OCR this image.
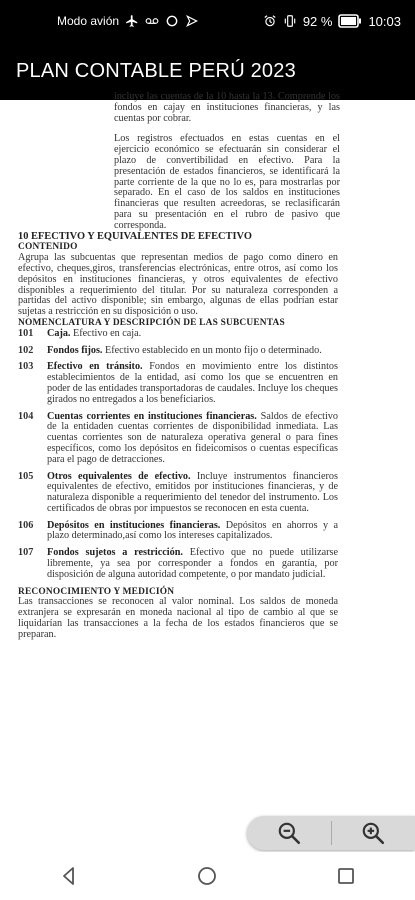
Modo avión	92 %	10:03
PLAN CONTABLE PERÚ 2023

incluye las cuentas de la 10 hasta la 13. Comprende los fondos en cajay en instituciones financieras, y las cuentas por cobrar.

Los registros efectuados en estas cuentas en el ejercicio económico se efectuarán sin considerar el plazo de convertibilidad en efectivo. Para la presentación de estados financieros, se identificará la parte corriente de la que no lo es, para mostrarlas por separado. En el caso de los saldos en instituciones financieras que resulten acreedoras, se reclasificarán para su presentación en el rubro de pasivo que corresponda.

10 EFECTIVO Y EQUIVALENTES DE EFECTIVO

CONTENIDO

Agrupa las subcuentas que representan medios de pago como dinero en efectivo, cheques,giros, transferencias electrónicas, entre otros, así como los depósitos en instituciones financieras, y otros equivalentes de efectivo disponibles a requerimiento del titular. Por su naturaleza corresponden a partidas del activo disponible; sin embargo, algunas de ellas podrían estar sujetas a restricción en su disposición o uso.

NOMENCLATURA Y DESCRIPCIÓN DE LAS SUBCUENTAS

101	Caja. Efectivo en caja.
102	Fondos fijos. Efectivo establecido en un monto fijo o determinado.
103	Efectivo en tránsito. Fondos en movimiento entre los distintos establecimientos de la entidad, así como los que se encuentren en poder de las entidades transportadoras de caudales. Incluye los cheques girados no entregados a los beneficiarios.
104	Cuentas corrientes en instituciones financieras. Saldos de efectivo de la entidaden cuentas corrientes de disponibilidad inmediata. Las cuentas corrientes son de naturaleza operativa general o para fines específicos, como los depósitos en fideicomisos o cuentas específicas para el pago de detracciones.
105	Otros equivalentes de efectivo. Incluye instrumentos financieros equivalentes de efectivo, emitidos por instituciones financieras, y de naturaleza disponible a requerimiento del tenedor del instrumento. Los certificados de obras por impuestos se reconocen en esta cuenta.
106	Depósitos en instituciones financieras. Depósitos en ahorros y a plazo determinado,así como los intereses capitalizados.
107	Fondos sujetos a restricción. Efectivo que no puede utilizarse libremente, ya sea por corresponder a fondos en garantía, por disposición de alguna autoridad competente, o por mandato judicial.

RECONOCIMIENTO Y MEDICIÓN

Las transacciones se reconocen al valor nominal. Los saldos de moneda extranjera se expresarán en moneda nacional al tipo de cambio al que se liquidarían las transacciones a la fecha de los estados financieros que se preparan.
